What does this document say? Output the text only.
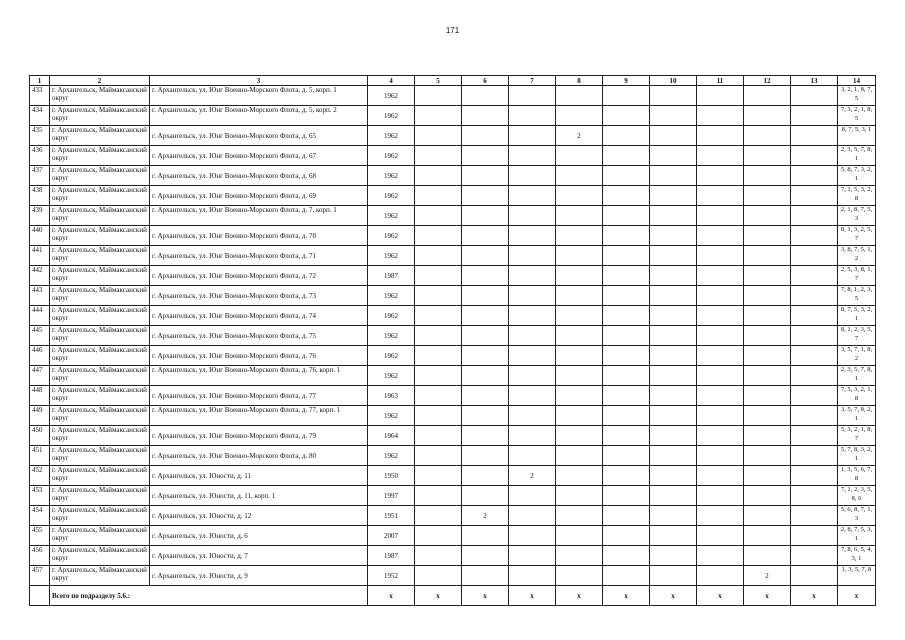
171
1	2	3	4	5	6	7	8	9	10	11	12	13	14
433	г. Архангельск, Маймаксанский округ	г. Архангельск, ул. Юнг Военно-Морского Флота, д. 5, корп. 1	1962										3, 2, 1, 8, 7, 5
434	г. Архангельск, Маймаксанский округ	г. Архангельск, ул. Юнг Военно-Морского Флота, д. 5, корп. 2	1962										7, 3, 2, 1, 8, 5
435	г. Архангельск, Маймаксанский округ	г. Архангельск, ул. Юнг Военно-Морского Флота, д. 65	1962				2						8, 7, 5, 3, 1
436	г. Архангельск, Маймаксанский округ	г. Архангельск, ул. Юнг Военно-Морского Флота, д. 67	1962										2, 3, 5, 7, 8, 1
437	г. Архангельск, Маймаксанский округ	г. Архангельск, ул. Юнг Военно-Морского Флота, д. 68	1962										5, 8, 7, 3, 2, 1
438	г. Архангельск, Маймаксанский округ	г. Архангельск, ул. Юнг Военно-Морского Флота, д. 69	1962										7, 1, 5, 3, 2, 8
439	г. Архангельск, Маймаксанский округ	г. Архангельск, ул. Юнг Военно-Морского Флота, д. 7, корп. 1	1962										2, 1, 8, 7, 5, 3
440	г. Архангельск, Маймаксанский округ	г. Архангельск, ул. Юнг Военно-Морского Флота, д. 70	1962										8, 1, 3, 2, 5, 7
441	г. Архангельск, Маймаксанский округ	г. Архангельск, ул. Юнг Военно-Морского Флота, д. 71	1962										3, 8, 7, 5, 1, 2
442	г. Архангельск, Маймаксанский округ	г. Архангельск, ул. Юнг Военно-Морского Флота, д. 72	1987										2, 5, 3, 8, 1, 7
443	г. Архангельск, Маймаксанский округ	г. Архангельск, ул. Юнг Военно-Морского Флота, д. 73	1962										7, 8, 1, 2, 3, 5
444	г. Архангельск, Маймаксанский округ	г. Архангельск, ул. Юнг Военно-Морского Флота, д. 74	1962										8, 7, 5, 3, 2, 1
445	г. Архангельск, Маймаксанский округ	г. Архангельск, ул. Юнг Военно-Морского Флота, д. 75	1962										8, 1, 2, 3, 5, 7
446	г. Архангельск, Маймаксанский округ	г. Архангельск, ул. Юнг Военно-Морского Флота, д. 76	1962										3, 5, 7, 1, 8, 2
447	г. Архангельск, Маймаксанский округ	г. Архангельск, ул. Юнг Военно-Морского Флота, д. 76, корп. 1	1962										2, 3, 5, 7, 8, 1
448	г. Архангельск, Маймаксанский округ	г. Архангельск, ул. Юнг Военно-Морского Флота, д. 77	1963										7, 5, 3, 2, 1, 8
449	г. Архангельск, Маймаксанский округ	г. Архангельск, ул. Юнг Военно-Морского Флота, д. 77, корп. 1	1962										3, 5, 7, 8, 2, 1
450	г. Архангельск, Маймаксанский округ	г. Архангельск, ул. Юнг Военно-Морского Флота, д. 79	1964										5, 3, 2, 1, 8, 7
451	г. Архангельск, Маймаксанский округ	г. Архангельск, ул. Юнг Военно-Морского Флота, д. 80	1962										5, 7, 8, 3, 2, 1
452	г. Архангельск, Маймаксанский округ	г. Архангельск, ул. Юности, д. 11	1950			2							1, 3, 5, 6, 7, 8
453	г. Архангельск, Маймаксанский округ	г. Архангельск, ул. Юности, д. 11, корп. 1	1997										7, 1, 2, 3, 5, 8, 6
454	г. Архангельск, Маймаксанский округ	г. Архангельск, ул. Юности, д. 12	1951		2								5, 6, 8, 7, 1, 3
455	г. Архангельск, Маймаксанский округ	г. Архангельск, ул. Юности, д. 6	2007										2, 8, 7, 5, 3, 1
456	г. Архангельск, Маймаксанский округ	г. Архангельск, ул. Юности, д. 7	1987										7, 8, 6, 5, 4, 3, 1
457	г. Архангельск, Маймаксанский округ	г. Архангельск, ул. Юности, д. 9	1952								2		1, 3, 5, 7, 8
	Всего по подразделу 5.6.:		x	x	x	x	x	x	x	x	x	x	x
